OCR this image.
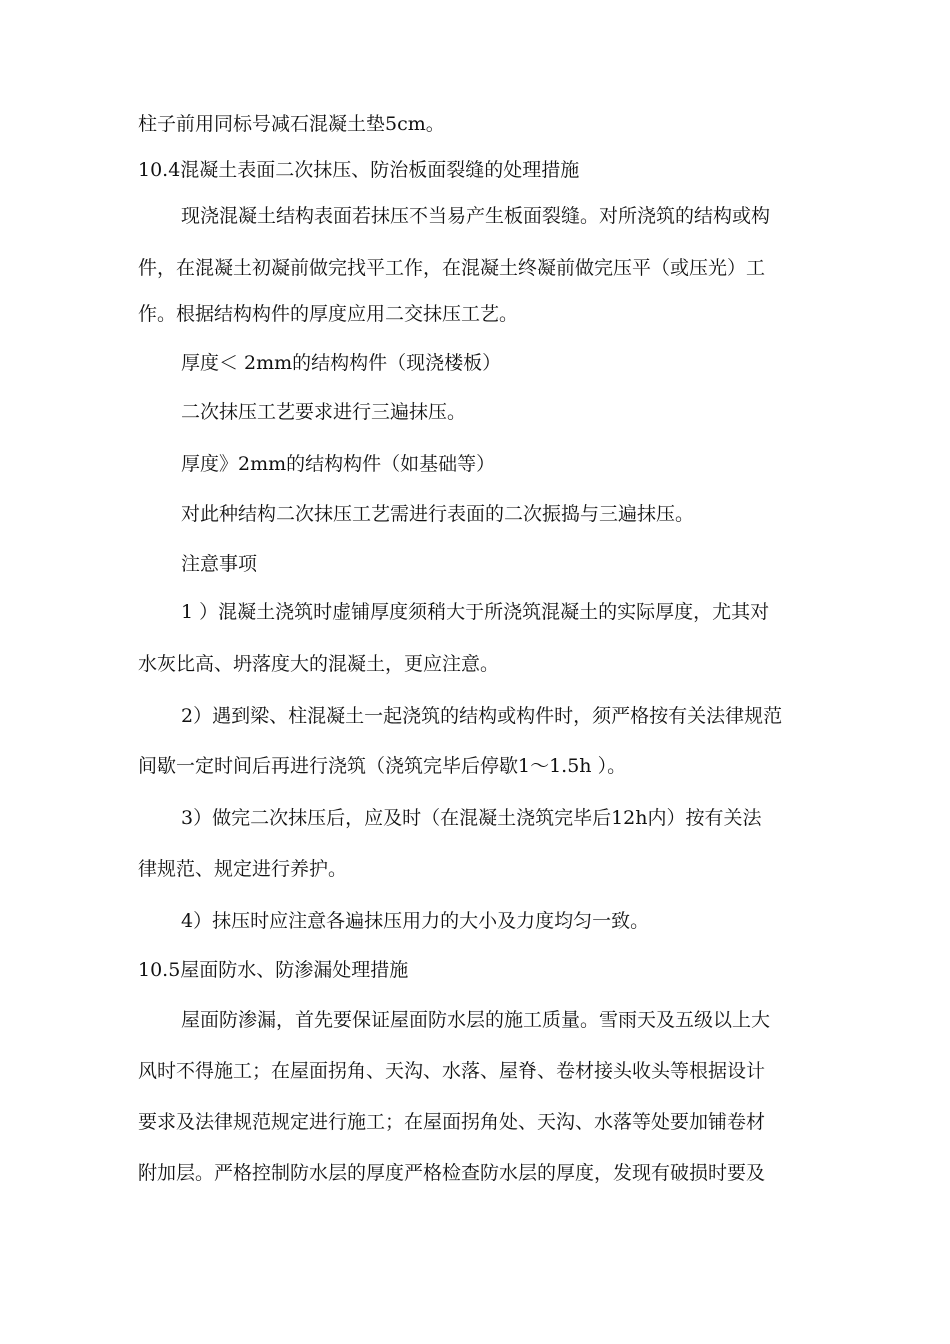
柱子前用同标号减石混凝土垫5cm。
10.4混凝土表面二次抹压、防治板面裂缝的处理措施
现浇混凝土结构表面若抹压不当易产生板面裂缝。对所浇筑的结构或构
件，在混凝土初凝前做完找平工作，在混凝土终凝前做完压平（或压光）工
作。根据结构构件的厚度应用二交抹压工艺。
厚度＜ 2mm的结构构件（现浇楼板）
二次抹压工艺要求进行三遍抹压。
厚度》2mm的结构构件（如基础等）
对此种结构二次抹压工艺需进行表面的二次振捣与三遍抹压。
注意事项
1 ）混凝土浇筑时虚铺厚度须稍大于所浇筑混凝土的实际厚度，尤其对
水灰比高、坍落度大的混凝土，更应注意。
2）遇到梁、柱混凝土一起浇筑的结构或构件时，须严格按有关法律规范
间歇一定时间后再进行浇筑（浇筑完毕后停歇1〜1.5h ）。
3）做完二次抹压后，应及时（在混凝土浇筑完毕后12h内）按有关法
律规范、规定进行养护。
4）抹压时应注意各遍抹压用力的大小及力度均匀一致。
10.5屋面防水、防渗漏处理措施
屋面防渗漏，首先要保证屋面防水层的施工质量。雪雨天及五级以上大
风时不得施工；在屋面拐角、天沟、水落、屋脊、卷材接头收头等根据设计
要求及法律规范规定进行施工；在屋面拐角处、天沟、水落等处要加铺卷材
附加层。严格控制防水层的厚度严格检查防水层的厚度，发现有破损时要及
